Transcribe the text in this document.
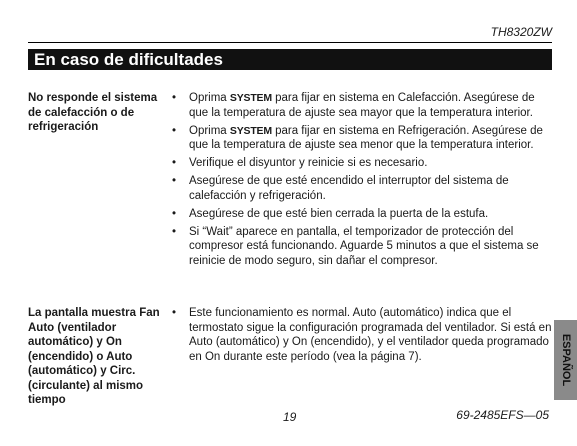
TH8320ZW
En caso de dificultades
No responde el sistema de calefacción o de refrigeración
• Oprima SYSTEM para fijar en sistema en Calefacción. Asegúrese de que la temperatura de ajuste sea mayor que la temperatura interior.
• Oprima SYSTEM para fijar en sistema en Refrigeración. Asegúrese de que la temperatura de ajuste sea menor que la temperatura interior.
• Verifique el disyuntor y reinicie si es necesario.
• Asegúrese de que esté encendido el interruptor del sistema de calefacción y refrigeración.
• Asegúrese de que esté bien cerrada la puerta de la estufa.
• Si “Wait” aparece en pantalla, el temporizador de protección del compresor está funcionando. Aguarde 5 minutos a que el sistema se reinicie de modo seguro, sin dañar el compresor.
La pantalla muestra Fan Auto (ventilador automático) y On (encendido) o Auto (automático) y Circ. (circulante) al mismo tiempo
• Este funcionamiento es normal. Auto (automático) indica que el termostato sigue la configuración programada del ventilador. Si está en Auto (automático) y On (encendido), y el ventilador queda programado en On durante este período (vea la página 7).
19	69-2485EFS—05
ESPAÑOL
